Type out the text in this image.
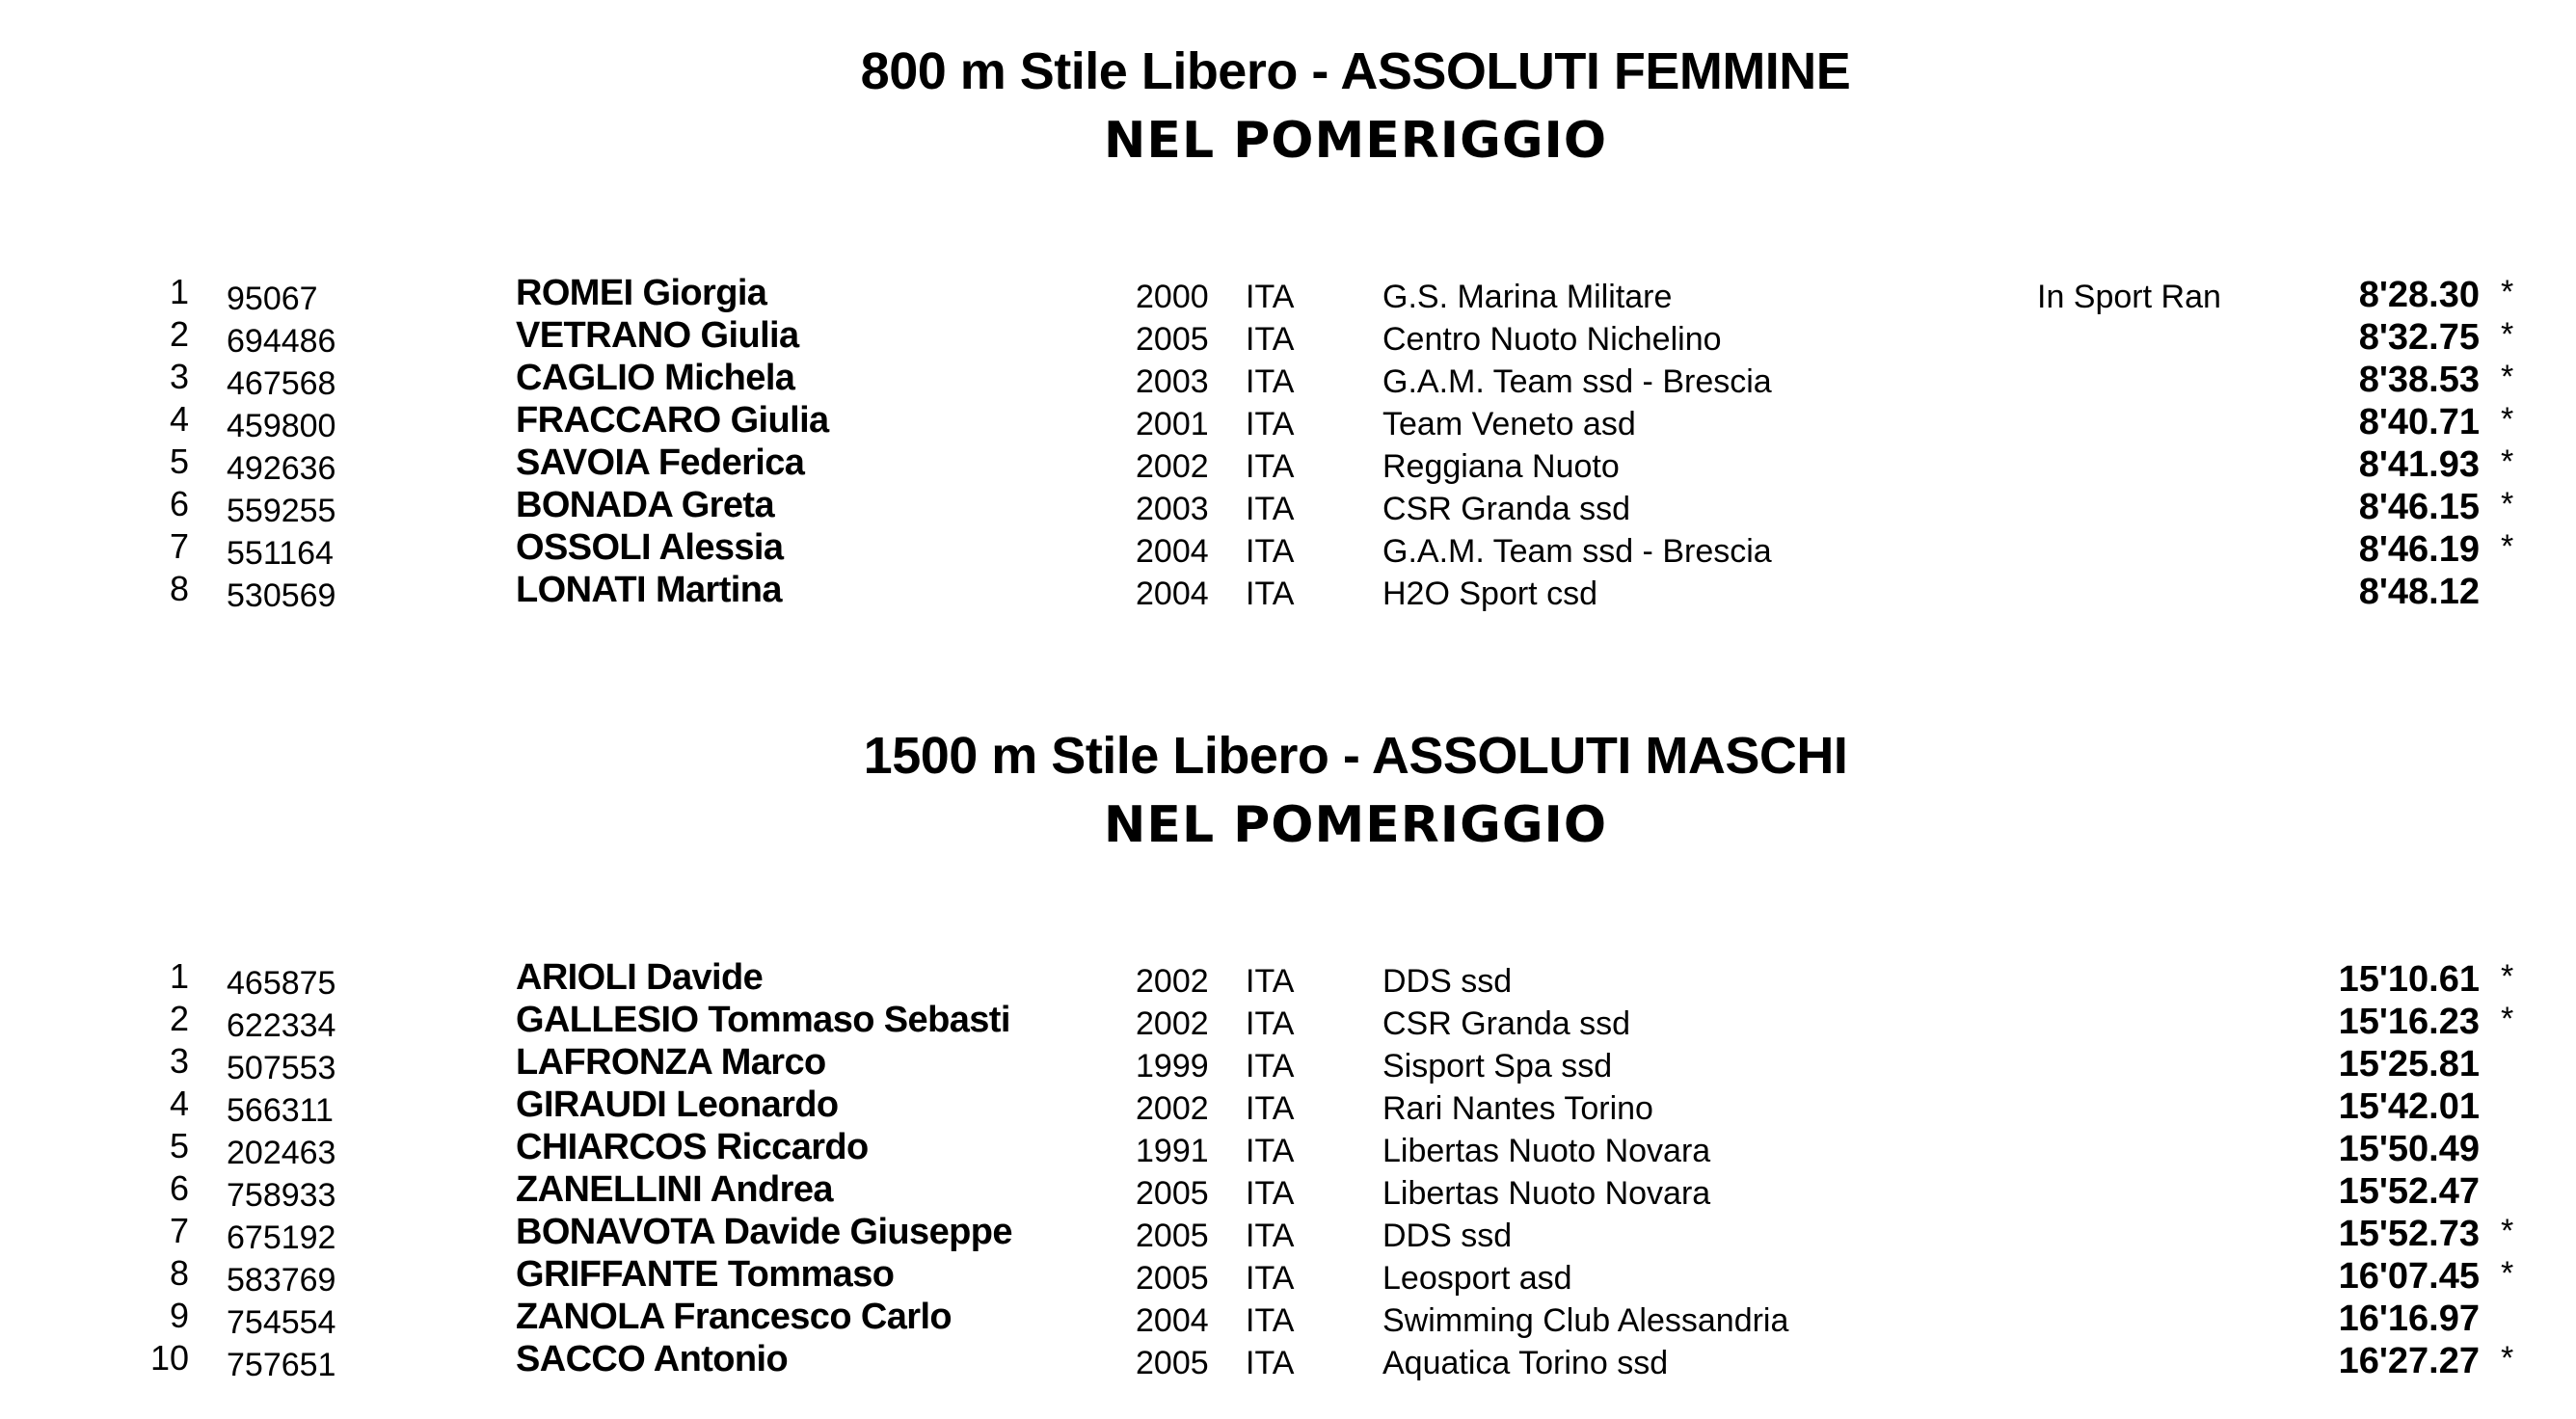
800 m Stile Libero - ASSOLUTI FEMMINE
NEL POMERIGGIO
1 95067	ROMEI Giorgia	2000 ITA	G.S. Marina Militare	In Sport Ran	8'28.30 *
2 694486	VETRANO Giulia	2005 ITA	Centro Nuoto Nichelino	8'32.75 *
3 467568	CAGLIO Michela	2003 ITA	G.A.M. Team ssd - Brescia	8'38.53 *
4 459800	FRACCARO Giulia	2001 ITA	Team Veneto asd	8'40.71 *
5 492636	SAVOIA Federica	2002 ITA	Reggiana Nuoto	8'41.93 *
6 559255	BONADA Greta	2003 ITA	CSR Granda ssd	8'46.15 *
7 551164	OSSOLI Alessia	2004 ITA	G.A.M. Team ssd - Brescia	8'46.19 *
8 530569	LONATI Martina	2004 ITA	H2O Sport csd	8'48.12
1500 m Stile Libero - ASSOLUTI MASCHI
NEL POMERIGGIO
1 465875	ARIOLI Davide	2002 ITA	DDS ssd	15'10.61 *
2 622334	GALLESIO Tommaso Sebasti	2002 ITA	CSR Granda ssd	15'16.23 *
3 507553	LAFRONZA Marco	1999 ITA	Sisport Spa ssd	15'25.81
4 566311	GIRAUDI Leonardo	2002 ITA	Rari Nantes Torino	15'42.01
5 202463	CHIARCOS Riccardo	1991 ITA	Libertas Nuoto Novara	15'50.49
6 758933	ZANELLINI Andrea	2005 ITA	Libertas Nuoto Novara	15'52.47
7 675192	BONAVOTA Davide Giuseppe	2005 ITA	DDS ssd	15'52.73 *
8 583769	GRIFFANTE Tommaso	2005 ITA	Leosport asd	16'07.45 *
9 754554	ZANOLA Francesco Carlo	2004 ITA	Swimming Club Alessandria	16'16.97
10 757651	SACCO Antonio	2005 ITA	Aquatica Torino ssd	16'27.27 *
